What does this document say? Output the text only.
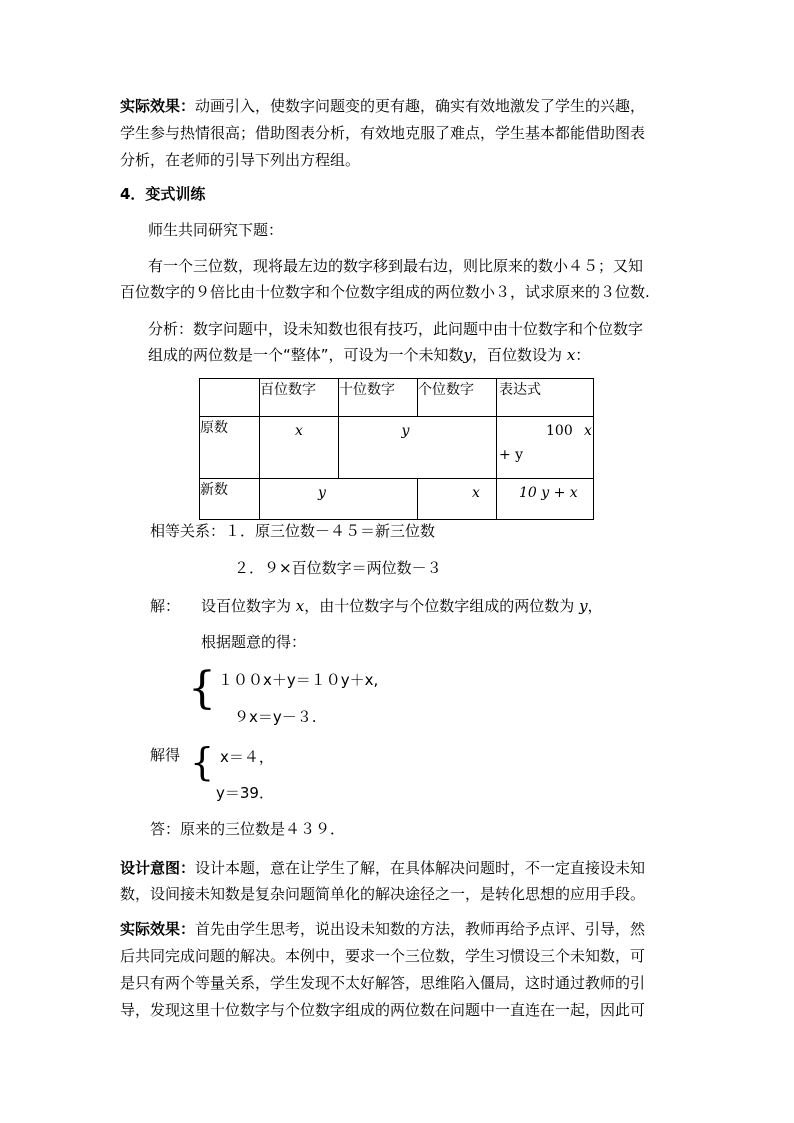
实际效果：动画引入，使数字问题变的更有趣，确实有效地激发了学生的兴趣，
学生参与热情很高；借助图表分析，有效地克服了难点，学生基本都能借助图表
分析，在老师的引导下列出方程组。
4．变式训练
师生共同研究下题：
有一个三位数，现将最左边的数字移到最右边，则比原来的数小４５；又知
百位数字的９倍比由十位数字和个位数字组成的两位数小３，试求原来的３位数.
分析：数字问题中，设未知数也很有技巧，此问题中由十位数字和个位数字
组成的两位数是一个“整体”，可设为一个未知数y，百位数设为 x：
	百位数字	十位数字	个位数字	表达式
原数	x	y		100 x
+ y

新数	y		x	10 y + x
相等关系：１．原三位数－４５＝新三位数
２．９×百位数字＝两位数－３
解： 设百位数字为 x，由十位数字与个位数字组成的两位数为 y，
根据题意的得：
{ １００x＋y＝１０y＋x,
９x＝y－３.
解得 { x＝４，
y＝39．
答：原来的三位数是４３９．
设计意图：设计本题，意在让学生了解，在具体解决问题时，不一定直接设未知
数，设间接未知数是复杂问题简单化的解决途径之一，是转化思想的应用手段。
实际效果：首先由学生思考，说出设未知数的方法，教师再给予点评、引导，然
后共同完成问题的解决。本例中，要求一个三位数，学生习惯设三个未知数，可
是只有两个等量关系，学生发现不太好解答，思维陷入僵局，这时通过教师的引
导，发现这里十位数字与个位数字组成的两位数在问题中一直连在一起，因此可
